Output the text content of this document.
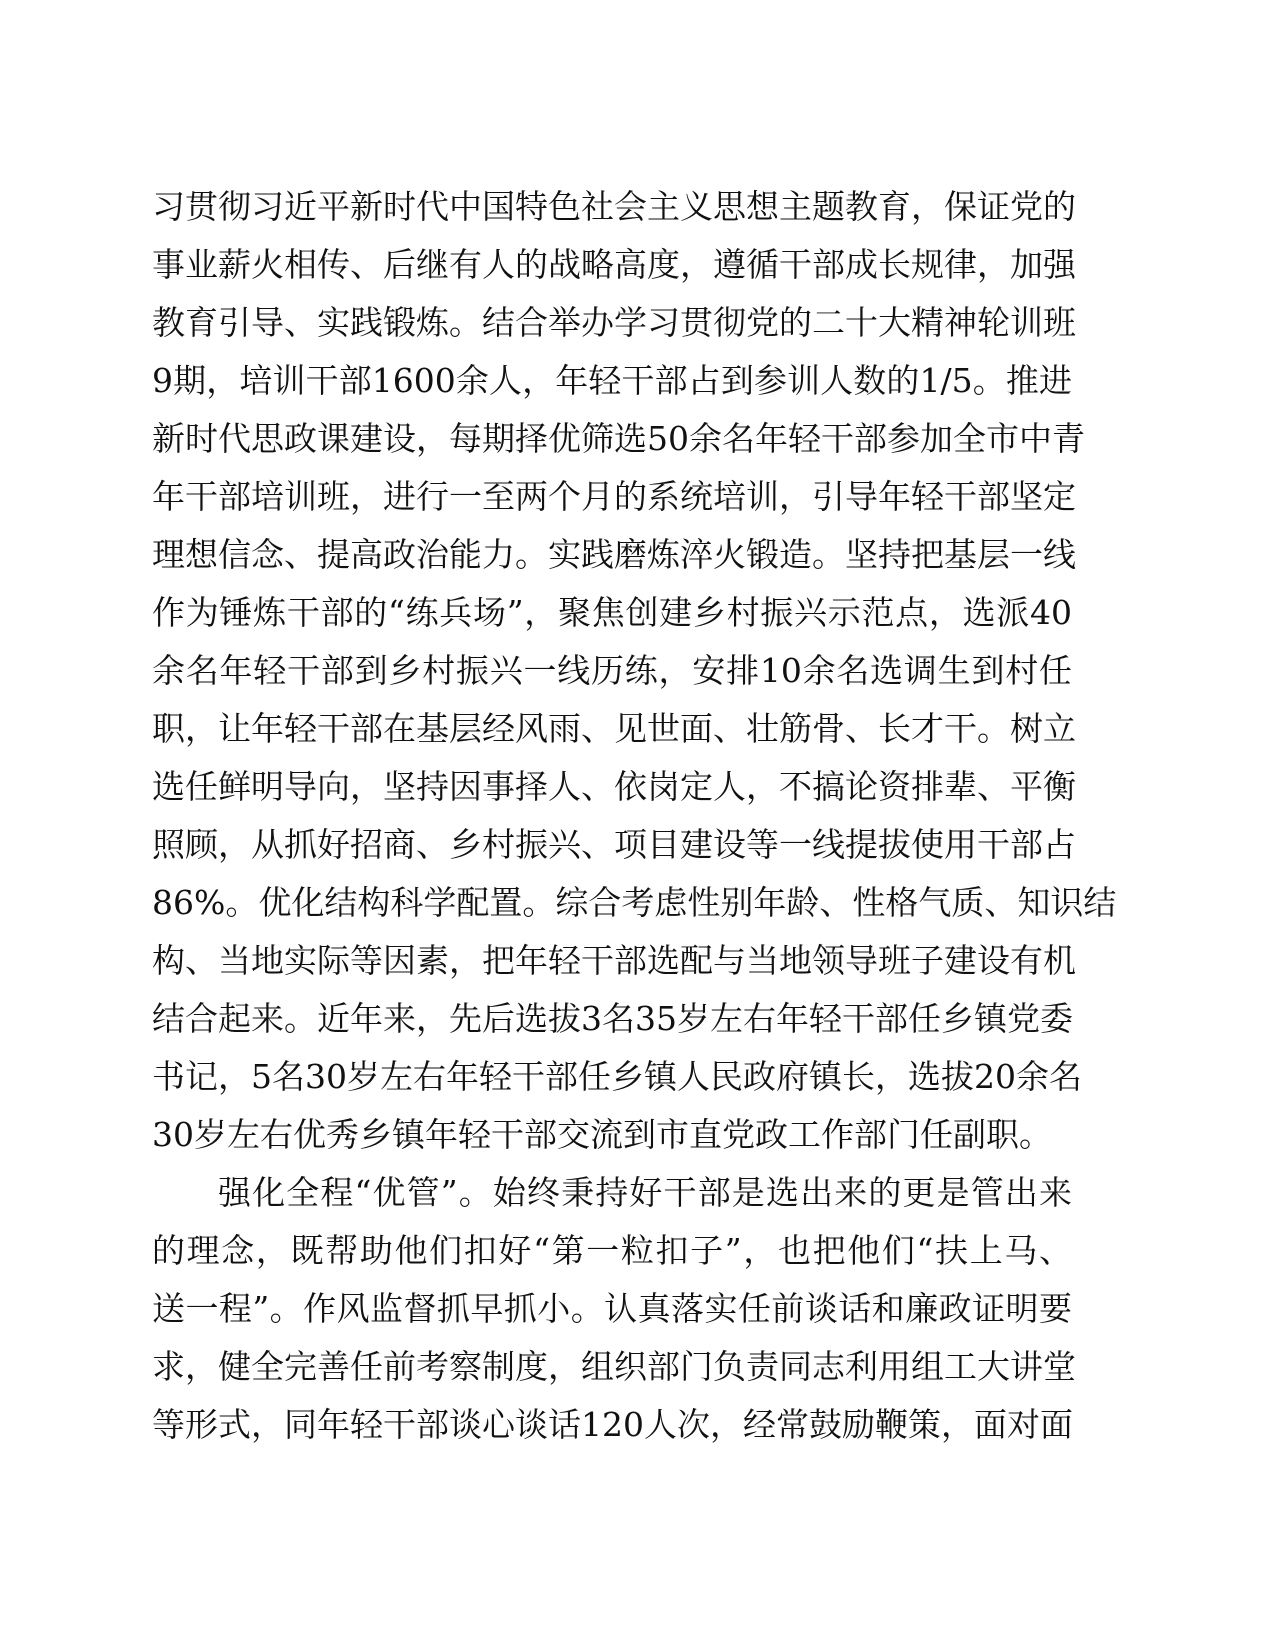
习贯彻习近平新时代中国特色社会主义思想主题教育，保证党的
事业薪火相传、后继有人的战略高度，遵循干部成长规律，加强
教育引导、实践锻炼。结合举办学习贯彻党的二十大精神轮训班
9期，培训干部1600余人，年轻干部占到参训人数的1/5。推进
新时代思政课建设，每期择优筛选50余名年轻干部参加全市中青
年干部培训班，进行一至两个月的系统培训，引导年轻干部坚定
理想信念、提高政治能力。实践磨炼淬火锻造。坚持把基层一线
作为锤炼干部的“练兵场”，聚焦创建乡村振兴示范点，选派40
余名年轻干部到乡村振兴一线历练，安排10余名选调生到村任
职，让年轻干部在基层经风雨、见世面、壮筋骨、长才干。树立
选任鲜明导向，坚持因事择人、依岗定人，不搞论资排辈、平衡
照顾，从抓好招商、乡村振兴、项目建设等一线提拔使用干部占
86%。优化结构科学配置。综合考虑性别年龄、性格气质、知识结
构、当地实际等因素，把年轻干部选配与当地领导班子建设有机
结合起来。近年来，先后选拔3名35岁左右年轻干部任乡镇党委
书记，5名30岁左右年轻干部任乡镇人民政府镇长，选拔20余名
30岁左右优秀乡镇年轻干部交流到市直党政工作部门任副职。
强化全程“优管”。始终秉持好干部是选出来的更是管出来
的理念，既帮助他们扣好“第一粒扣子”，也把他们“扶上马、
送一程”。作风监督抓早抓小。认真落实任前谈话和廉政证明要
求，健全完善任前考察制度，组织部门负责同志利用组工大讲堂
等形式，同年轻干部谈心谈话120人次，经常鼓励鞭策，面对面
